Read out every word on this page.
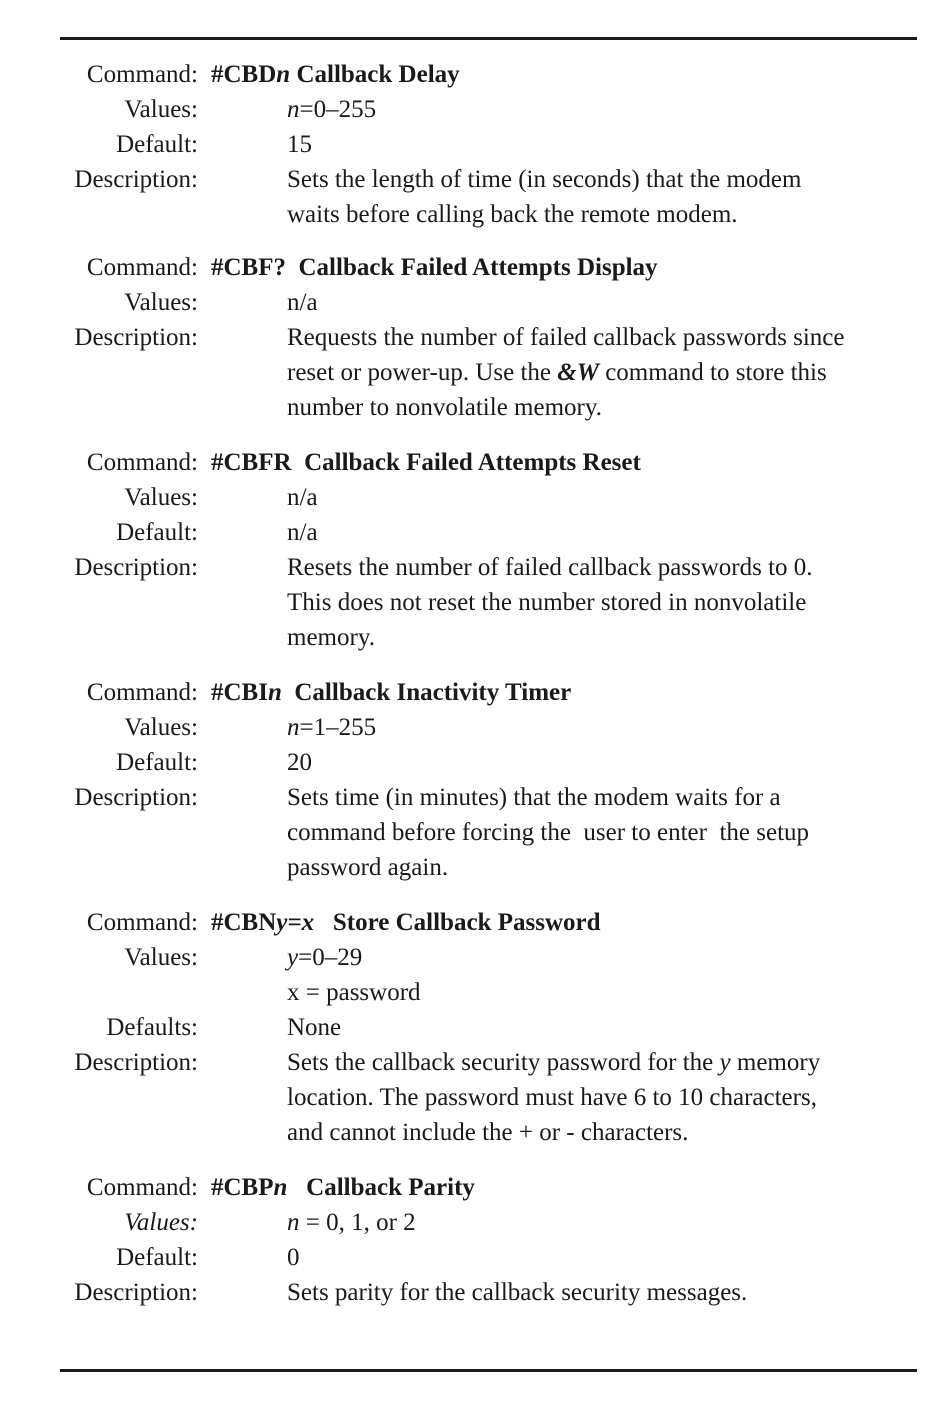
Command: #CBDn Callback Delay
Values:	n=0–255
Default:	15
Description:	Sets the length of time (in seconds) that the modem
waits before calling back the remote modem.
Command: #CBF? Callback Failed Attempts Display
Values:	n/a
Description:	Requests the number of failed callback passwords since
reset or power-up. Use the &W command to store this
number to nonvolatile memory.
Command: #CBFR Callback Failed Attempts Reset
Values:	n/a
Default:	n/a
Description:	Resets the number of failed callback passwords to 0.
This does not reset the number stored in nonvolatile
memory.
Command: #CBIn Callback Inactivity Timer
Values:	n=1–255
Default:	20
Description:	Sets time (in minutes) that the modem waits for a
command before forcing the  user to enter  the setup
password again.
Command: #CBNy=x Store Callback Password
Values:	y=0–29
x = password
Defaults:	None
Description:	Sets the callback security password for the y memory
location. The password must have 6 to 10 characters,
and cannot include the + or - characters.
Command: #CBPn Callback Parity
Values:	n = 0, 1, or 2
Default:	0
Description:	Sets parity for the callback security messages.
